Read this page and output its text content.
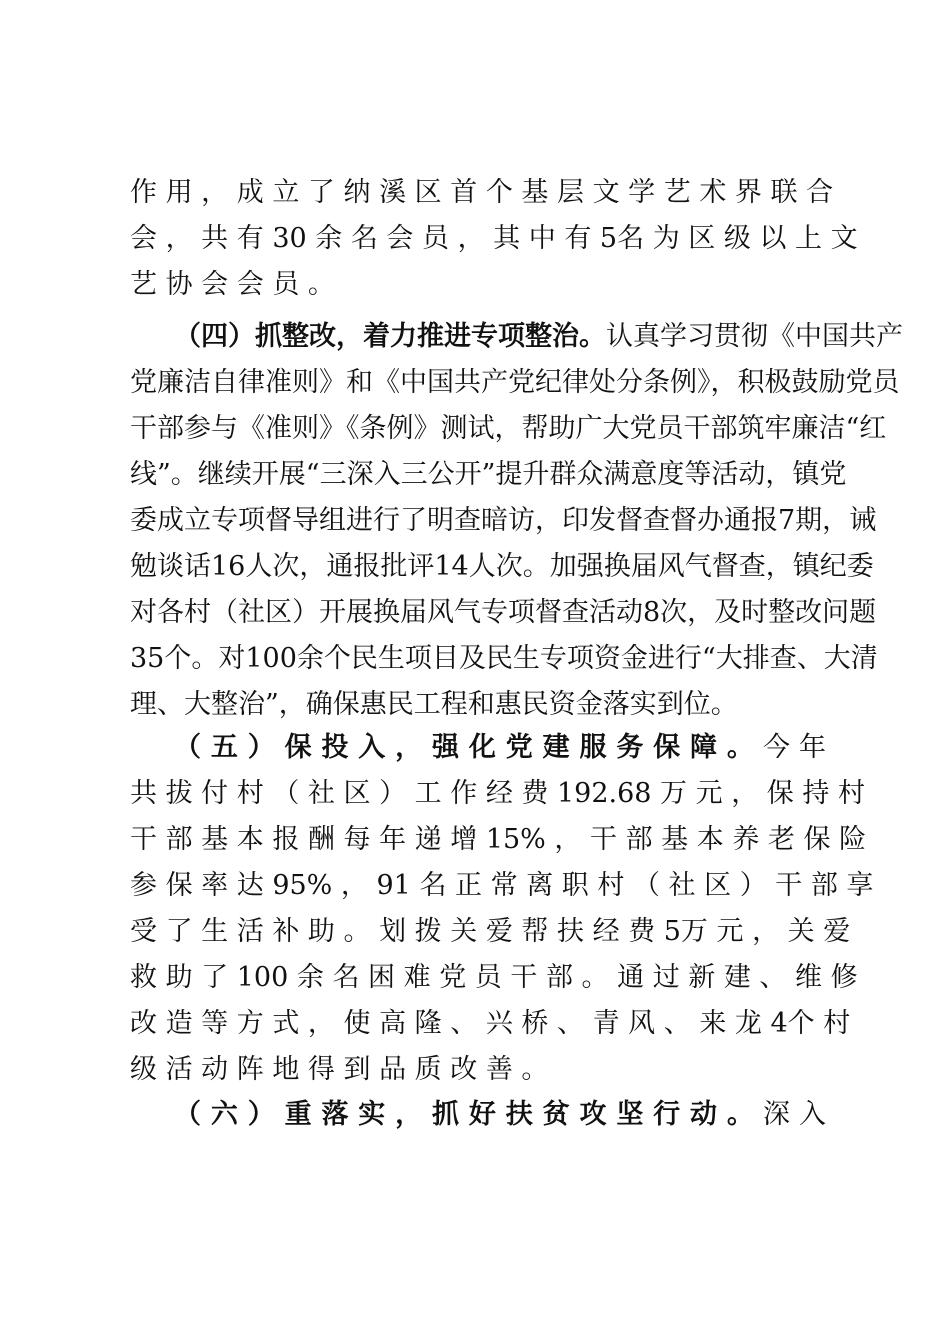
作 用 ， 成 立 了 纳 溪 区 首 个 基 层 文 学 艺 术 界 联 合
会 ， 共 有 30 余 名 会 员 ， 其 中 有 5名 为 区 级 以 上 文
艺 协 会 会 员 。
（四）抓整改，着力推进专项整治。认真学习贯彻《中国共产
党廉洁自律准则》和《中国共产党纪律处分条例》，积极鼓励党员
干部参与《准则》《条例》测试，帮助广大党员干部筑牢廉洁“红
线”。继续开展“三深入三公开”提升群众满意度等活动，镇党
委成立专项督导组进行了明查暗访，印发督查督办通报7期，诫
勉谈话16人次，通报批评14人次。加强换届风气督查，镇纪委
对各村（社区）开展换届风气专项督查活动8次，及时整改问题
35个。对100余个民生项目及民生专项资金进行“大排查、大清
理、大整治”，确保惠民工程和惠民资金落实到位。
（ 五 ） 保 投 入 ， 强 化 党 建 服 务 保 障 。 今 年
共 拔 付 村 （ 社 区 ） 工 作 经 费 192.68 万 元 ， 保 持 村
干 部 基 本 报 酬 每 年 递 增 15% ， 干 部 基 本 养 老 保 险
参 保 率 达 95% ， 91 名 正 常 离 职 村 （ 社 区 ） 干 部 享
受 了 生 活 补 助 。 划 拨 关 爱 帮 扶 经 费 5万 元 ， 关 爱
救 助 了 100 余 名 困 难 党 员 干 部 。 通 过 新 建 、 维 修
改 造 等 方 式 ， 使 高 隆 、 兴 桥 、 青 风 、 来 龙 4个 村
级 活 动 阵 地 得 到 品 质 改 善 。
（ 六 ） 重 落 实 ， 抓 好 扶 贫 攻 坚 行 动 。 深 入
